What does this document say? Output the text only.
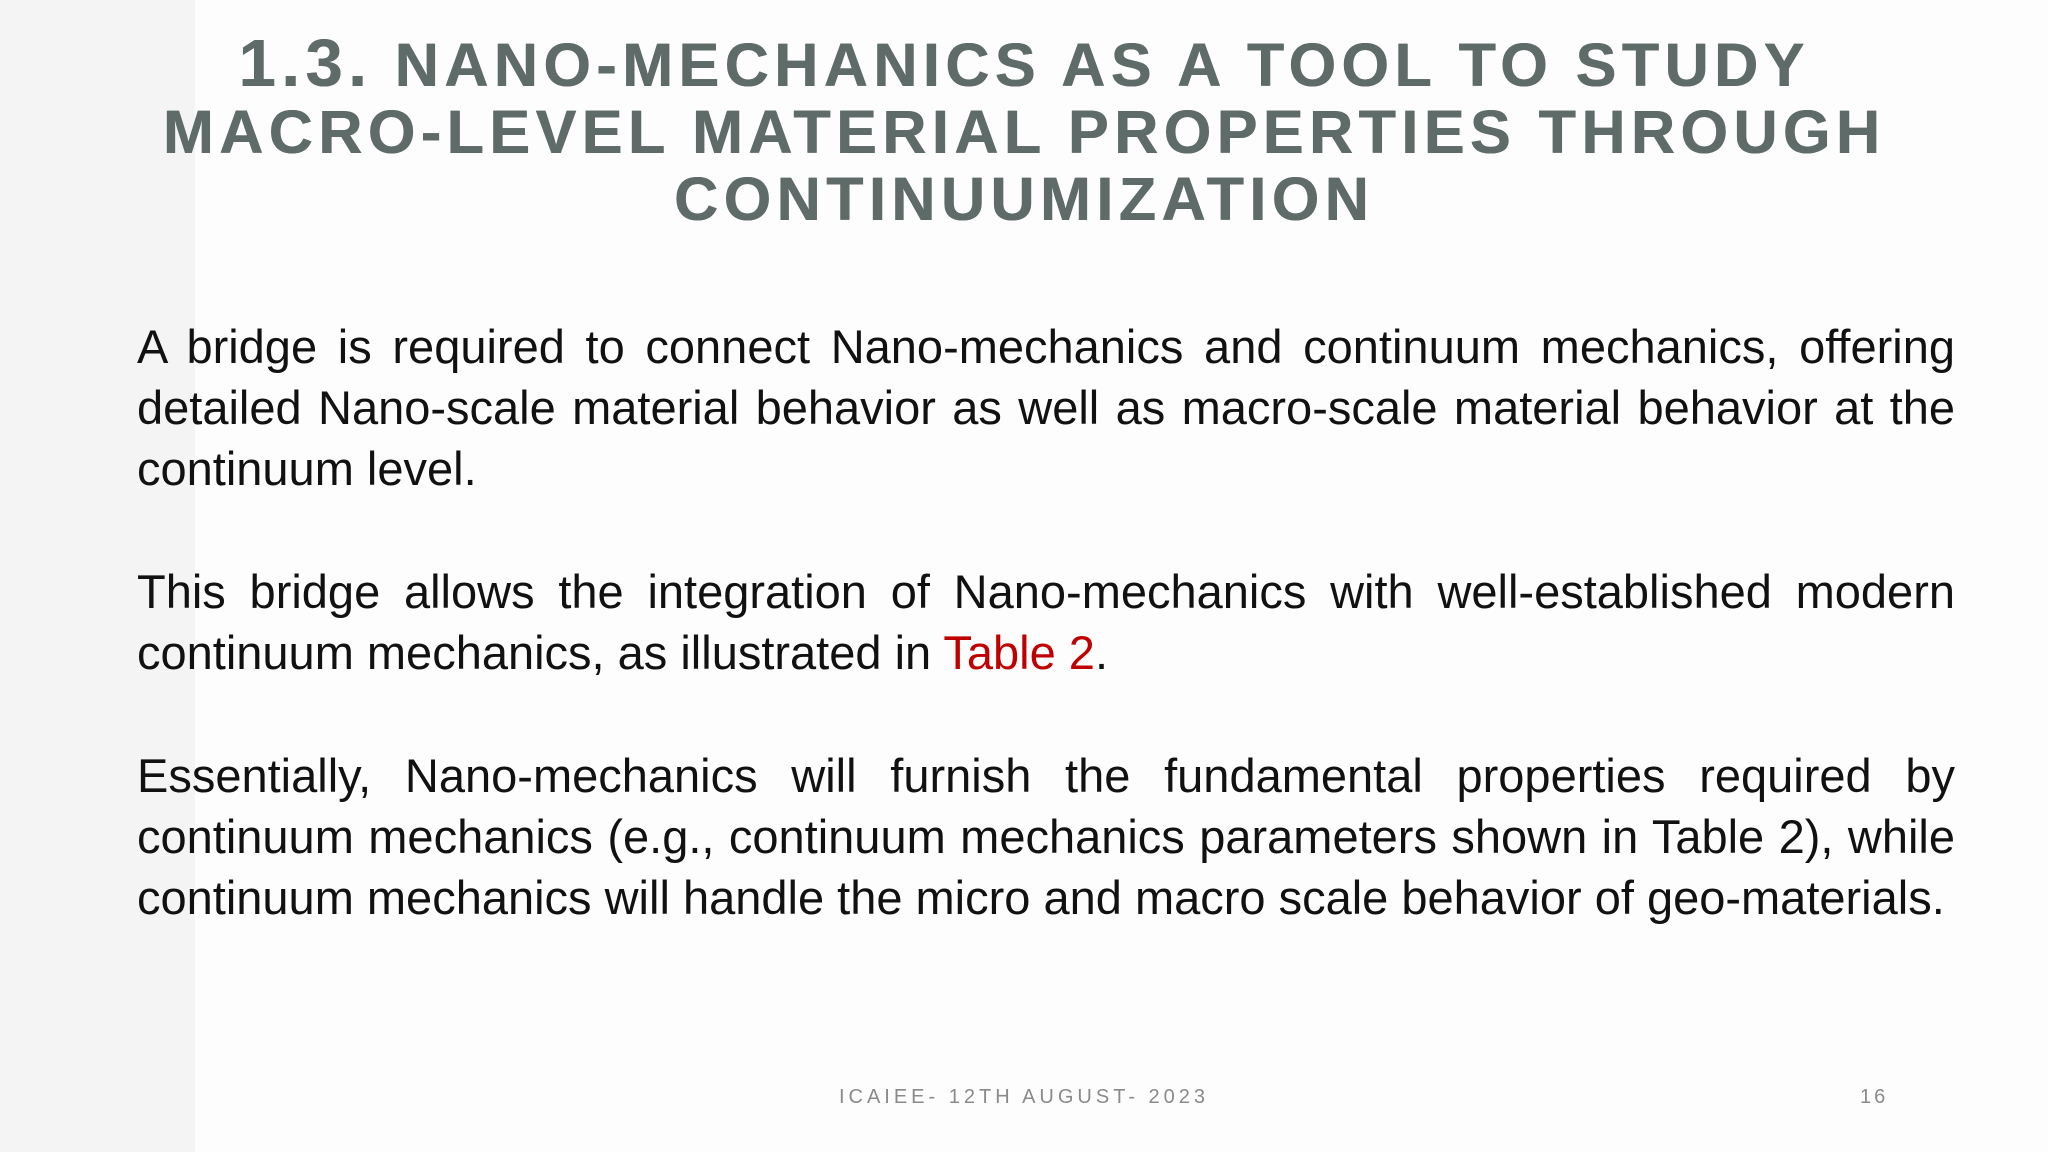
1.3. NANO-MECHANICS AS A TOOL TO STUDY
MACRO-LEVEL MATERIAL PROPERTIES THROUGH
CONTINUUMIZATION

A bridge is required to connect Nano-mechanics and continuum mechanics, offering detailed Nano-scale material behavior as well as macro-scale material behavior at the continuum level.

This bridge allows the integration of Nano-mechanics with well-established modern continuum mechanics, as illustrated in Table 2.

Essentially, Nano-mechanics will furnish the fundamental properties required by continuum mechanics (e.g., continuum mechanics parameters shown in Table 2), while continuum mechanics will handle the micro and macro scale behavior of geo-materials.

ICAIEE- 12TH AUGUST- 2023	16
